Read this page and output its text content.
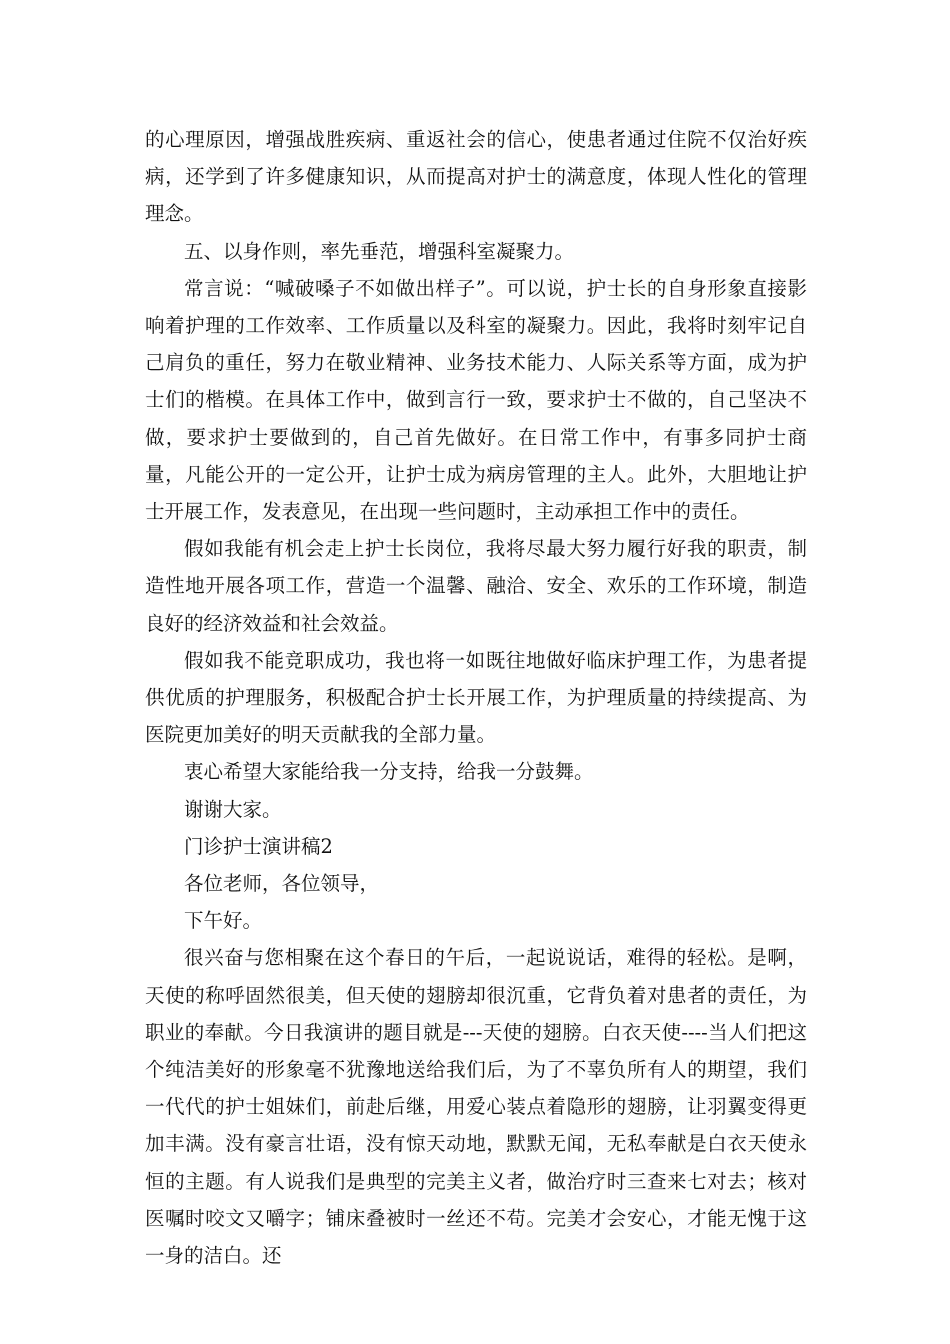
的心理原因，增强战胜疾病、重返社会的信心，使患者通过住院不仅治好疾病，还学到了许多健康知识，从而提高对护士的满意度，体现人性化的管理理念。

五、以身作则，率先垂范，增强科室凝聚力。

常言说：“喊破嗓子不如做出样子”。可以说，护士长的自身形象直接影响着护理的工作效率、工作质量以及科室的凝聚力。因此，我将时刻牢记自己肩负的重任，努力在敬业精神、业务技术能力、人际关系等方面，成为护士们的楷模。在具体工作中，做到言行一致，要求护士不做的，自己坚决不做，要求护士要做到的，自己首先做好。在日常工作中，有事多同护士商量，凡能公开的一定公开，让护士成为病房管理的主人。此外，大胆地让护士开展工作，发表意见，在出现一些问题时，主动承担工作中的责任。

假如我能有机会走上护士长岗位，我将尽最大努力履行好我的职责，制造性地开展各项工作，营造一个温馨、融洽、安全、欢乐的工作环境，制造良好的经济效益和社会效益。

假如我不能竞职成功，我也将一如既往地做好临床护理工作，为患者提供优质的护理服务，积极配合护士长开展工作，为护理质量的持续提高、为医院更加美好的明天贡献我的全部力量。

衷心希望大家能给我一分支持，给我一分鼓舞。

谢谢大家。

门诊护士演讲稿2

各位老师，各位领导，

下午好。

很兴奋与您相聚在这个春日的午后，一起说说话，难得的轻松。是啊，天使的称呼固然很美，但天使的翅膀却很沉重，它背负着对患者的责任，为职业的奉献。今日我演讲的题目就是---天使的翅膀。白衣天使----当人们把这个纯洁美好的形象毫不犹豫地送给我们后，为了不辜负所有人的期望，我们一代代的护士姐妹们，前赴后继，用爱心装点着隐形的翅膀，让羽翼变得更加丰满。没有豪言壮语，没有惊天动地，默默无闻，无私奉献是白衣天使永恒的主题。有人说我们是典型的完美主义者，做治疗时三查来七对去；核对医嘱时咬文又嚼字；铺床叠被时一丝还不苟。完美才会安心，才能无愧于这一身的洁白。还
